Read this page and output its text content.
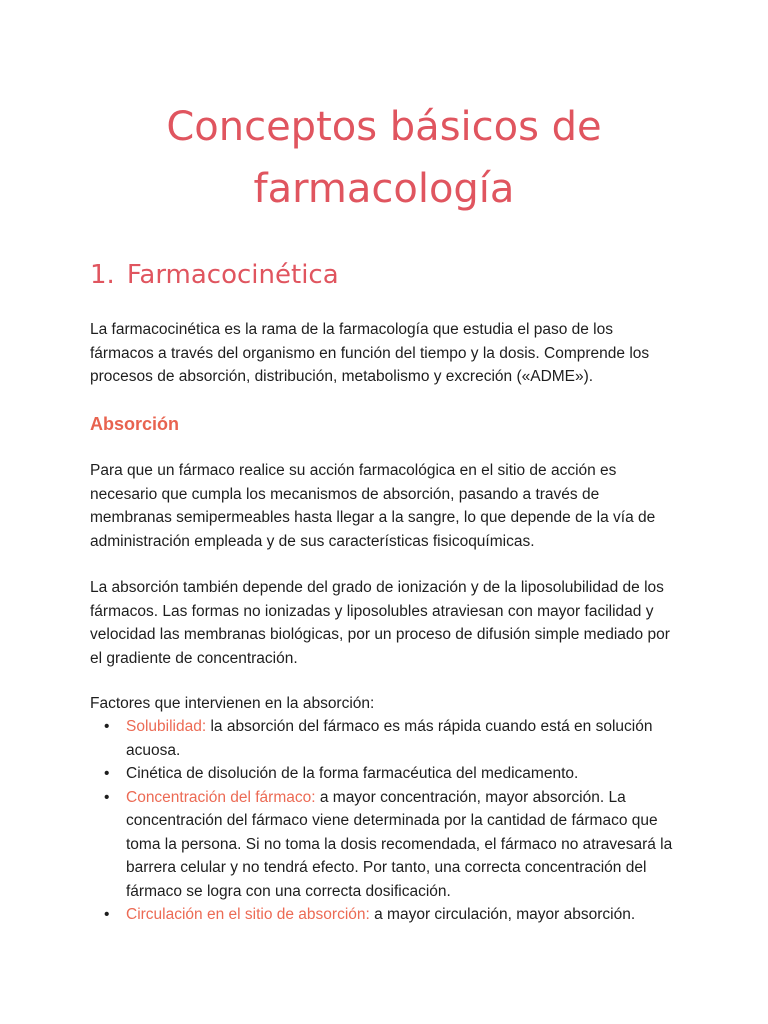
Conceptos básicos de
farmacología
1. Farmacocinética

La farmacocinética es la rama de la farmacología que estudia el paso de los fármacos a través del organismo en función del tiempo y la dosis. Comprende los procesos de absorción, distribución, metabolismo y excreción («ADME»).

Absorción

Para que un fármaco realice su acción farmacológica en el sitio de acción es necesario que cumpla los mecanismos de absorción, pasando a través de membranas semipermeables hasta llegar a la sangre, lo que depende de la vía de administración empleada y de sus características fisicoquímicas.

La absorción también depende del grado de ionización y de la liposolubilidad de los fármacos. Las formas no ionizadas y liposolubles atraviesan con mayor facilidad y velocidad las membranas biológicas, por un proceso de difusión simple mediado por el gradiente de concentración.

Factores que intervienen en la absorción:

• Solubilidad: la absorción del fármaco es más rápida cuando está en solución acuosa.
• Cinética de disolución de la forma farmacéutica del medicamento.
• Concentración del fármaco: a mayor concentración, mayor absorción. La concentración del fármaco viene determinada por la cantidad de fármaco que toma la persona. Si no toma la dosis recomendada, el fármaco no atravesará la barrera celular y no tendrá efecto. Por tanto, una correcta concentración del fármaco se logra con una correcta dosificación.
• Circulación en el sitio de absorción: a mayor circulación, mayor absorción.
